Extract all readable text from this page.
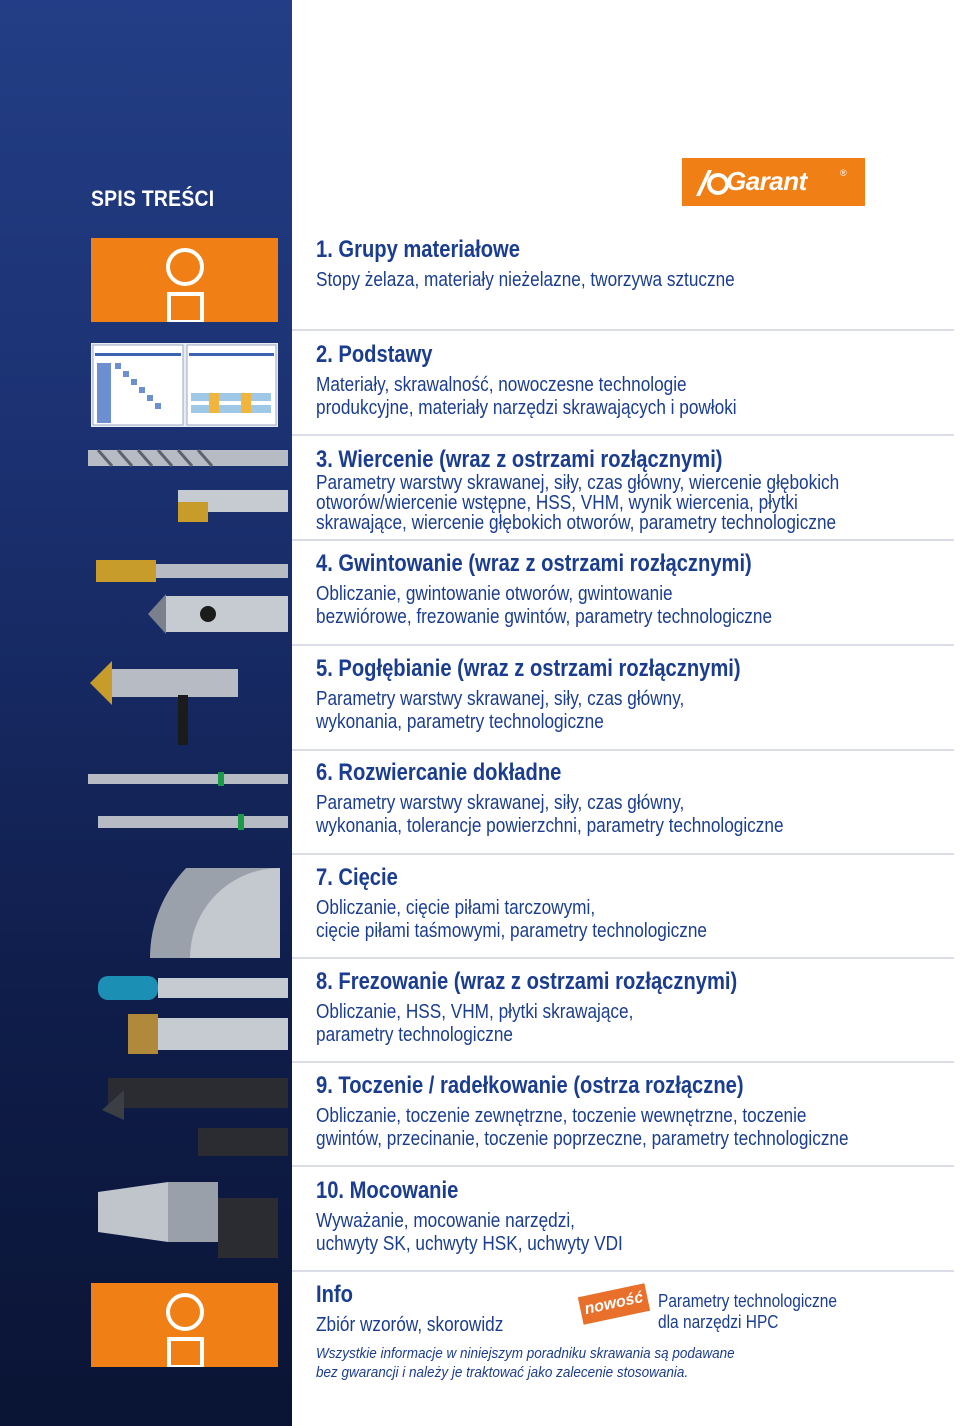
SPIS TREŚCI
Garant	®
1. Grupy materiałowe
Stopy żelaza, materiały nieżelazne, tworzywa sztuczne
2. Podstawy
Materiały, skrawalność, nowoczesne technologie
produkcyjne, materiały narzędzi skrawających i powłoki
3. Wiercenie (wraz z ostrzami rozłącznymi)
Parametry warstwy skrawanej, siły, czas główny, wiercenie głębokich
otworów/wiercenie wstępne, HSS, VHM, wynik wiercenia, płytki
skrawające, wiercenie głębokich otworów, parametry technologiczne
4. Gwintowanie (wraz z ostrzami rozłącznymi)
Obliczanie, gwintowanie otworów, gwintowanie
bezwiórowe, frezowanie gwintów, parametry technologiczne
5. Pogłębianie (wraz z ostrzami rozłącznymi)
Parametry warstwy skrawanej, siły, czas główny,
wykonania, parametry technologiczne
6. Rozwiercanie dokładne
Parametry warstwy skrawanej, siły, czas główny,
wykonania, tolerancje powierzchni, parametry technologiczne
7. Cięcie
Obliczanie, cięcie piłami tarczowymi,
cięcie piłami taśmowymi, parametry technologiczne
8. Frezowanie (wraz z ostrzami rozłącznymi)
Obliczanie, HSS, VHM, płytki skrawające,
parametry technologiczne
9. Toczenie / radełkowanie (ostrza rozłączne)
Obliczanie, toczenie zewnętrzne, toczenie wewnętrzne, toczenie
gwintów, przecinanie, toczenie poprzeczne, parametry technologiczne
10. Mocowanie
Wyważanie, mocowanie narzędzi,
uchwyty SK, uchwyty HSK, uchwyty VDI
Info
Zbiór wzorów, skorowidz
nowość Parametry technologiczne
dla narzędzi HPC
Wszystkie informacje w niniejszym poradniku skrawania są podawane
bez gwarancji i należy je traktować jako zalecenie stosowania.
